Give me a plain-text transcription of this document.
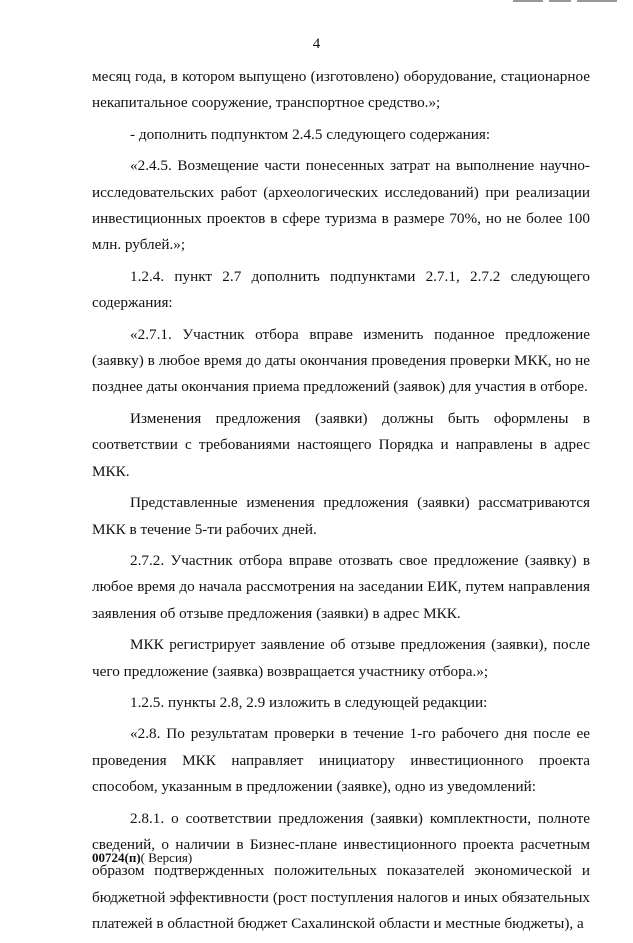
4

месяц года, в котором выпущено (изготовлено) оборудование, стационарное некапитальное сооружение, транспортное средство.»;

- дополнить подпунктом 2.4.5 следующего содержания:

«2.4.5. Возмещение части понесенных затрат на выполнение научно-исследовательских работ (археологических исследований) при реализации инвестиционных проектов в сфере туризма в размере 70%, но не более 100 млн. рублей.»;

1.2.4. пункт 2.7 дополнить подпунктами 2.7.1, 2.7.2 следующего содержания:

«2.7.1. Участник отбора вправе изменить поданное предложение (заявку) в любое время до даты окончания проведения проверки МКК, но не позднее даты окончания приема предложений (заявок) для участия в отборе.

Изменения предложения (заявки) должны быть оформлены в соответствии с требованиями настоящего Порядка и направлены в адрес МКК.

Представленные изменения предложения (заявки) рассматриваются МКК в течение 5-ти рабочих дней.

2.7.2. Участник отбора вправе отозвать свое предложение (заявку) в любое время до начала рассмотрения на заседании ЕИК, путем направления заявления об отзыве предложения (заявки) в адрес МКК.

МКК регистрирует заявление об отзыве предложения (заявки), после чего предложение (заявка) возвращается участнику отбора.»;

1.2.5. пункты 2.8, 2.9 изложить в следующей редакции:

«2.8. По результатам проверки в течение 1-го рабочего дня после ее проведения МКК направляет инициатору инвестиционного проекта способом, указанным в предложении (заявке), одно из уведомлений:

2.8.1. о соответствии предложения (заявки) комплектности, полноте сведений, о наличии в Бизнес-плане инвестиционного проекта расчетным образом подтвержденных положительных показателей экономической и бюджетной эффективности (рост поступления налогов и иных обязательных платежей в областной бюджет Сахалинской области и местные бюджеты), а

00724(п)( Версия)
